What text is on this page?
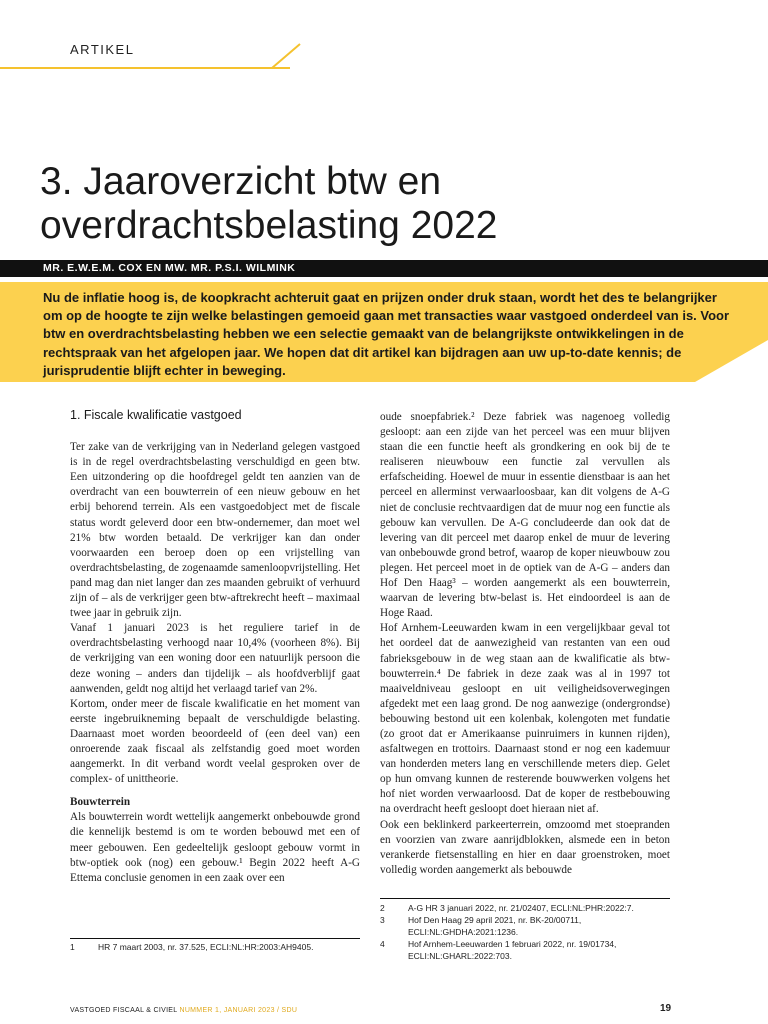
ARTIKEL
3. Jaaroverzicht btw en overdrachtsbelasting 2022
MR. E.W.E.M. COX EN MW. MR. P.S.I. WILMINK
Nu de inflatie hoog is, de koopkracht achteruit gaat en prijzen onder druk staan, wordt het des te belangrijker om op de hoogte te zijn welke belastingen gemoeid gaan met transacties waar vastgoed onderdeel van is. Voor btw en overdrachtsbelasting hebben we een selectie gemaakt van de belangrijkste ontwikkelingen in de rechtspraak van het afgelopen jaar. We hopen dat dit artikel kan bijdragen aan uw up-to-date kennis; de jurisprudentie blijft echter in beweging.

1. Fiscale kwalificatie vastgoed

Ter zake van de verkrijging van in Nederland gelegen vastgoed is in de regel overdrachtsbelasting verschuldigd en geen btw. Een uitzondering op die hoofdregel geldt ten aanzien van de overdracht van een bouwterrein of een nieuw gebouw en het erbij behorend terrein. Als een vastgoedobject met de fiscale status wordt geleverd door een btw-ondernemer, dan moet wel 21% btw worden betaald. De verkrijger kan dan onder voorwaarden een beroep doen op een vrijstelling van overdrachtsbelasting, de zogenaamde samenloopvrijstelling. Het pand mag dan niet langer dan zes maanden gebruikt of verhuurd zijn of – als de verkrijger geen btw-aftrekrecht heeft – maximaal twee jaar in gebruik zijn.

Vanaf 1 januari 2023 is het reguliere tarief in de overdrachtsbelasting verhoogd naar 10,4% (voorheen 8%). Bij de verkrijging van een woning door een natuurlijk persoon die deze woning – anders dan tijdelijk – als hoofdverblijf gaat aanwenden, geldt nog altijd het verlaagd tarief van 2%.

Kortom, onder meer de fiscale kwalificatie en het moment van eerste ingebruikneming bepaalt de verschuldigde belasting. Daarnaast moet worden beoordeeld of (een deel van) een onroerende zaak fiscaal als zelfstandig goed moet worden aangemerkt. In dit verband wordt veelal gesproken over de complex- of unittheorie.

Bouwterrein

Als bouwterrein wordt wettelijk aangemerkt onbebouwde grond die kennelijk bestemd is om te worden bebouwd met een of meer gebouwen. Een gedeeltelijk gesloopt gebouw vormt in btw-optiek ook (nog) een gebouw.¹ Begin 2022 heeft A-G Ettema conclusie genomen in een zaak over een

oude snoepfabriek.² Deze fabriek was nagenoeg volledig gesloopt: aan een zijde van het perceel was een muur blijven staan die een functie heeft als grondkering en ook bij de te realiseren nieuwbouw een functie zal vervullen als erfafscheiding. Hoewel de muur in essentie dienstbaar is aan het perceel en allerminst verwaarloosbaar, kan dit volgens de A-G niet de conclusie rechtvaardigen dat de muur nog een functie als gebouw kan vervullen. De A-G concludeerde dan ook dat de levering van dit perceel met daarop enkel de muur de levering van onbebouwde grond betrof, waarop de koper nieuwbouw zou plegen. Het perceel moet in de optiek van de A-G – anders dan Hof Den Haag³ – worden aangemerkt als een bouwterrein, waarvan de levering btw-belast is. Het eindoordeel is aan de Hoge Raad.

Hof Arnhem-Leeuwarden kwam in een vergelijkbaar geval tot het oordeel dat de aanwezigheid van restanten van een oud fabrieksgebouw in de weg staan aan de kwalificatie als btw-bouwterrein.⁴ De fabriek in deze zaak was al in 1997 tot maaiveldniveau gesloopt en uit veiligheidsoverwegingen afgedekt met een laag grond. De nog aanwezige (ondergrondse) bebouwing bestond uit een kolenbak, kolengoten met fundatie (zo groot dat er Amerikaanse puinruimers in kunnen rijden), asfaltwegen en trottoirs. Daarnaast stond er nog een kademuur van honderden meters lang en verschillende meters diep. Gelet op hun omvang kunnen de resterende bouwwerken volgens het hof niet worden verwaarloosd. Dat de koper de restbebouwing na overdracht heeft gesloopt doet hieraan niet af.

Ook een beklinkerd parkeerterrein, omzoomd met stoepranden en voorzien van zware aanrijdblokken, alsmede een in beton verankerde fietsenstalling en hier en daar groenstroken, moet volledig worden aangemerkt als bebouwde

1	HR 7 maart 2003, nr. 37.525, ECLI:NL:HR:2003:AH9405.
2	A-G HR 3 januari 2022, nr. 21/02407, ECLI:NL:PHR:2022:7.
3	Hof Den Haag 29 april 2021, nr. BK-20/00711, ECLI:NL:GHDHA:2021:1236.
4	Hof Arnhem-Leeuwarden 1 februari 2022, nr. 19/01734, ECLI:NL:GHARL:2022:703.
VASTGOED FISCAAL & CIVIEL NUMMER 1, JANUARI 2023 / SDU	19
